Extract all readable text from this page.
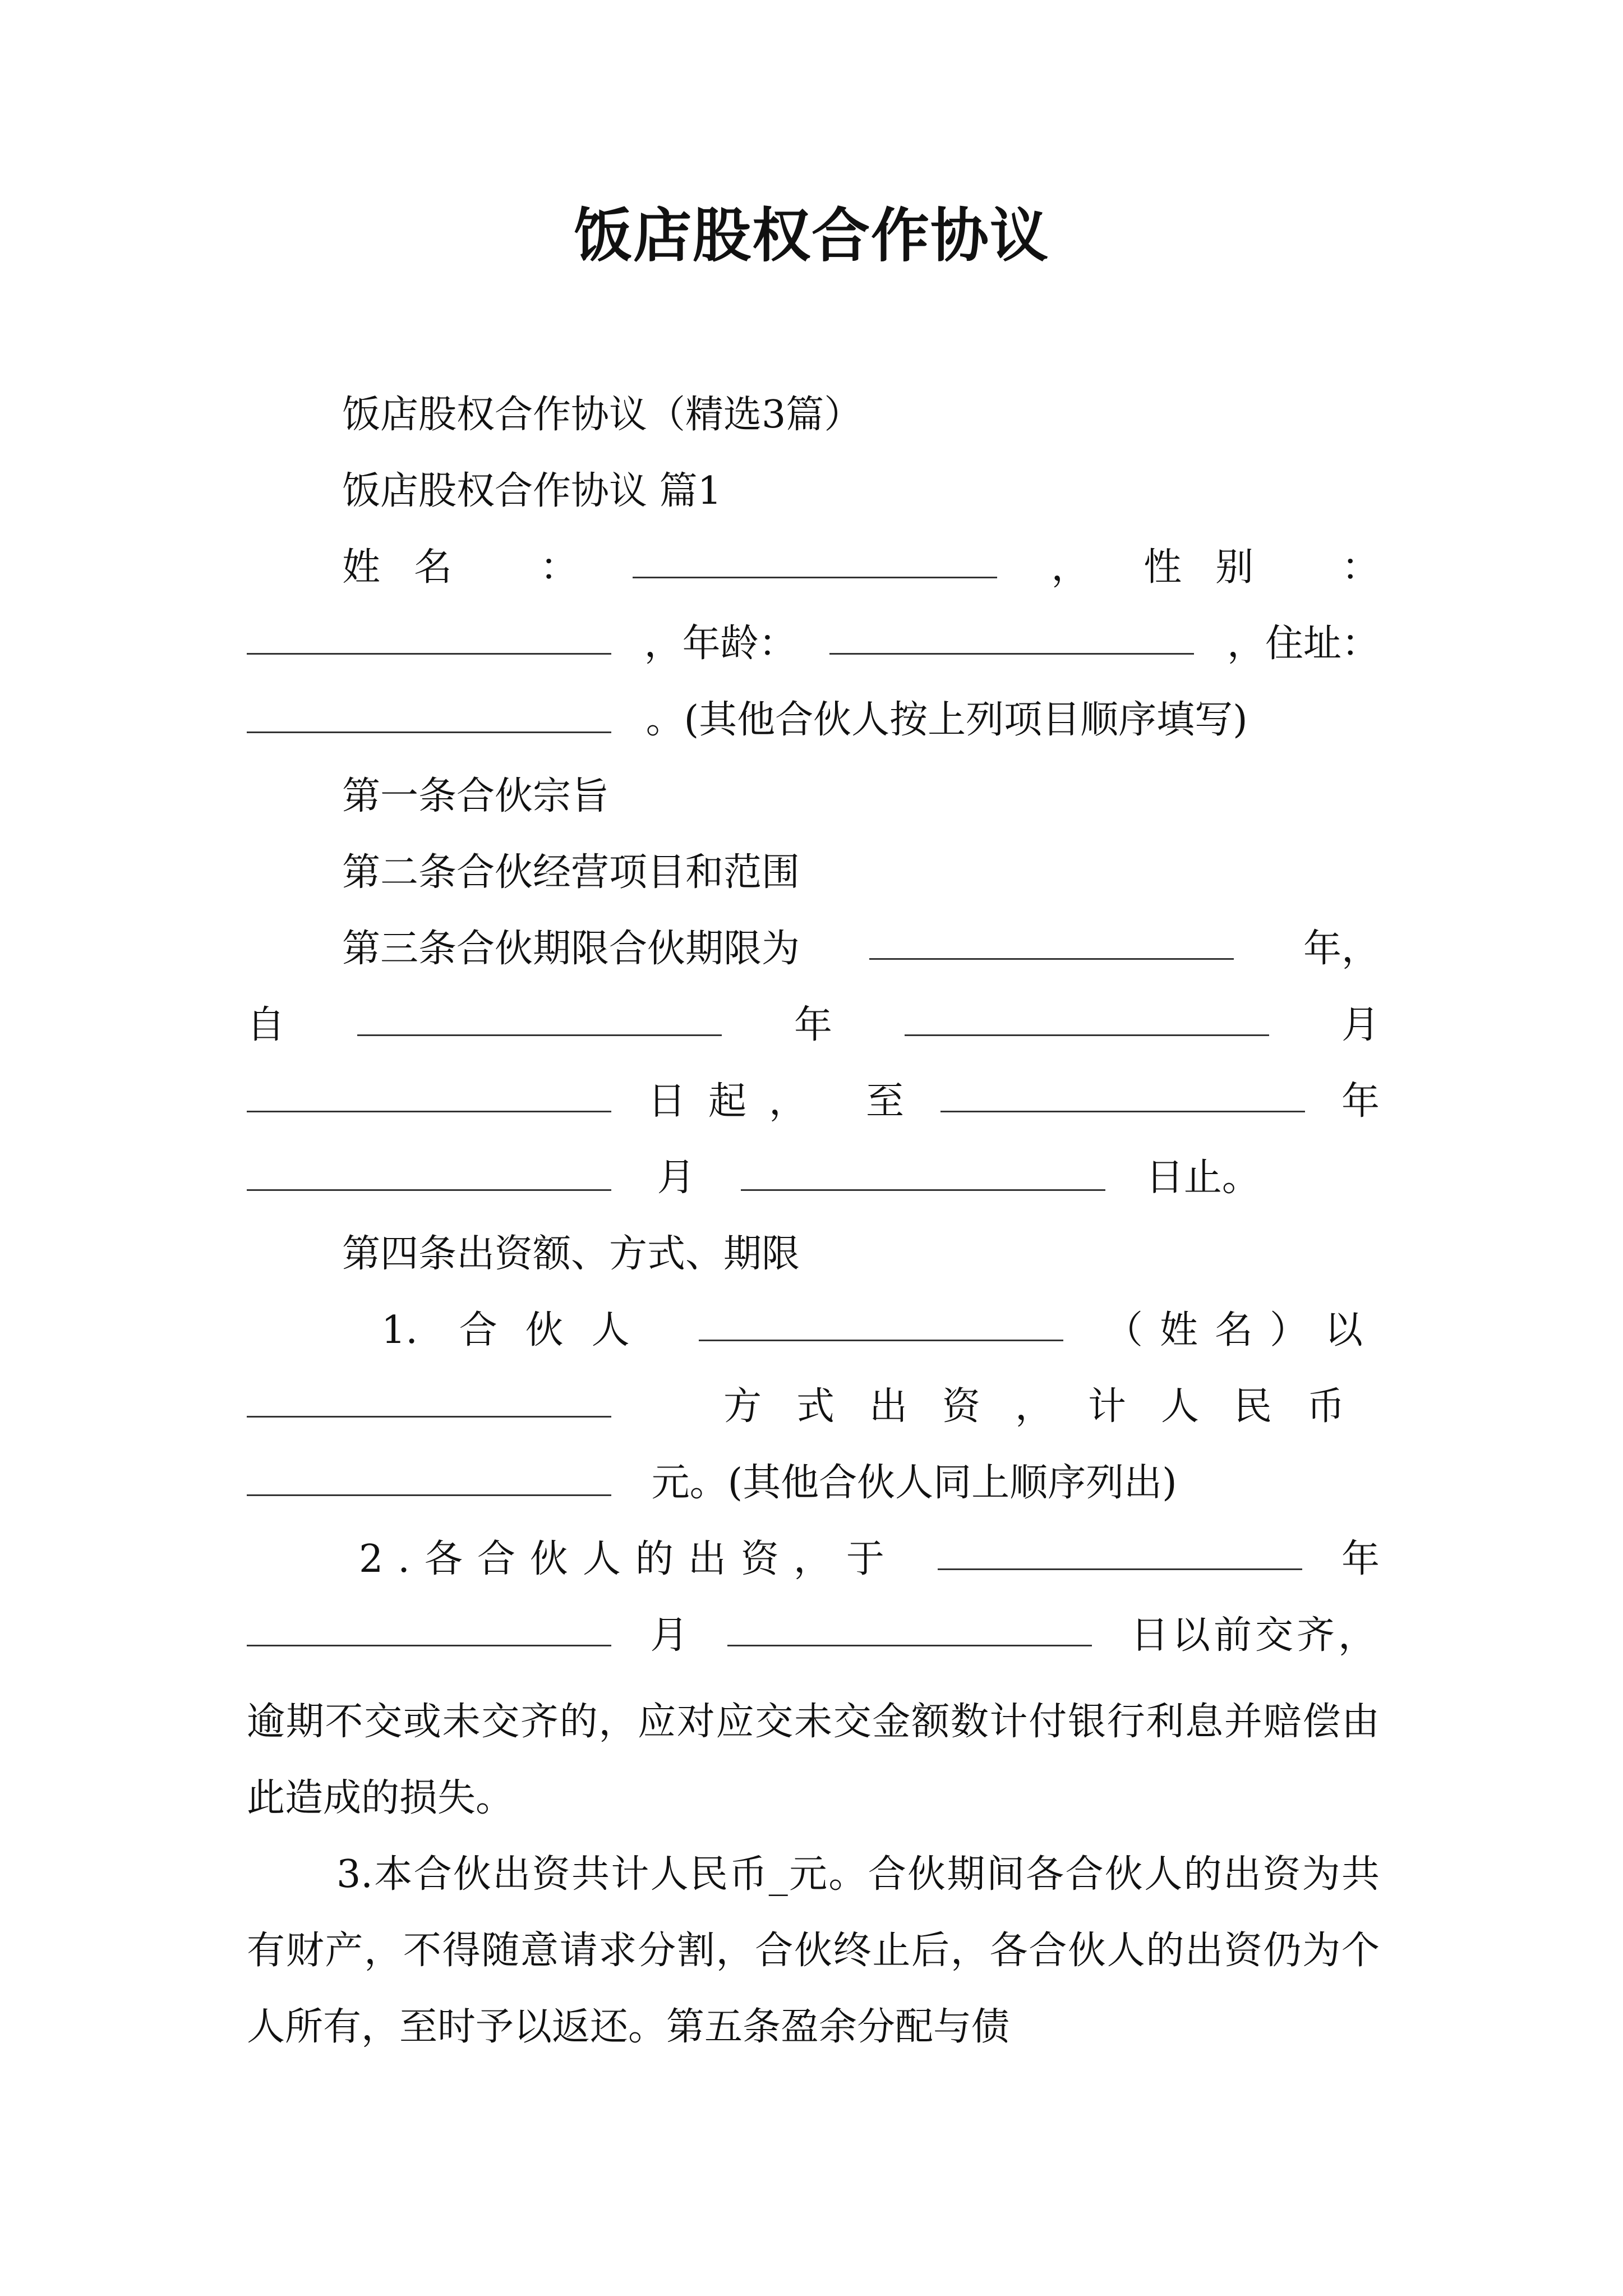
饭店股权合作协议
饭店股权合作协议（精选3篇）
饭店股权合作协议 篇1
姓名 ：	， 性别 ：
，年龄：	，住址：
。(其他合伙人按上列项目顺序填写)
第一条合伙宗旨
第二条合伙经营项目和范围
第三条合伙期限合伙期限为	年，
自	年	月
日起， 至	年
月	日止。
第四条出资额、方式、期限
1. 合伙人	（姓名）以
方式出资，计人民币
元。(其他合伙人同上顺序列出)
2.各合伙人的出资，于	年
月	日以前交齐，
逾期不交或未交齐的，应对应交未交金额数计付银行利息并赔偿由此造成的损失。
3.本合伙出资共计人民币_元。合伙期间各合伙人的出资为共有财产，不得随意请求分割，合伙终止后，各合伙人的出资仍为个人所有，至时予以返还。第五条盈余分配与债
